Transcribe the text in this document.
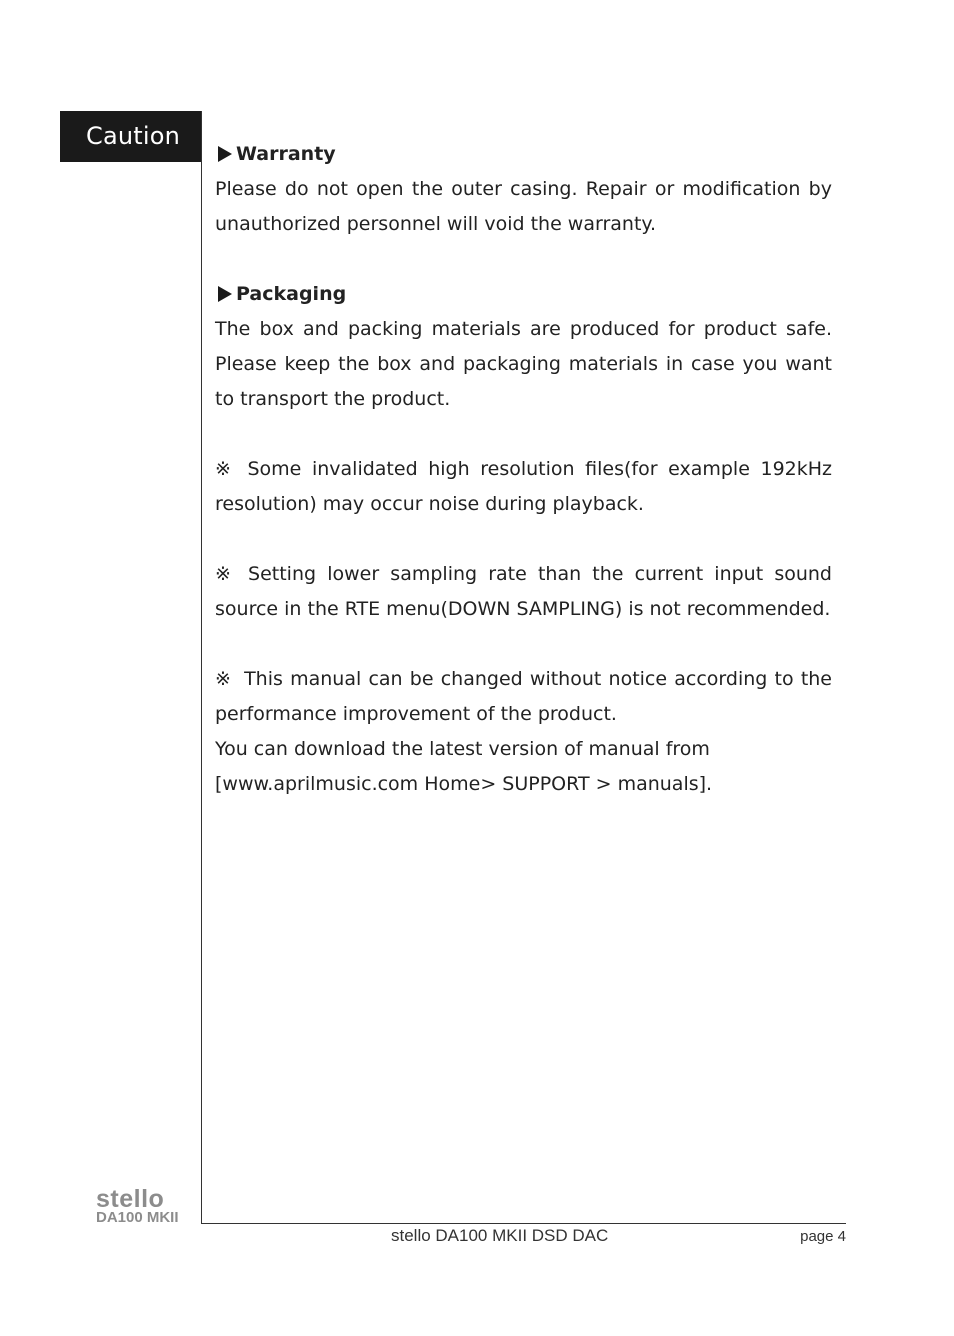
Caution

Warranty

Please do not open the outer casing. Repair or modification by unauthorized personnel will void the warranty.

Packaging

The box and packing materials are produced for product safe. Please keep the box and packaging materials in case you want to transport the product.

※ Some invalidated high resolution files(for example 192kHz resolution) may occur noise during playback.

※ Setting lower sampling rate than the current input sound source in the RTE menu(DOWN SAMPLING) is not recommended.

※ This manual can be changed without notice according to the performance improvement of the product.

You can download the latest version of manual from

[www.aprilmusic.com Home> SUPPORT > manuals].

stello
DA100 MKII
stello DA100 MKII DSD DAC	page 4
